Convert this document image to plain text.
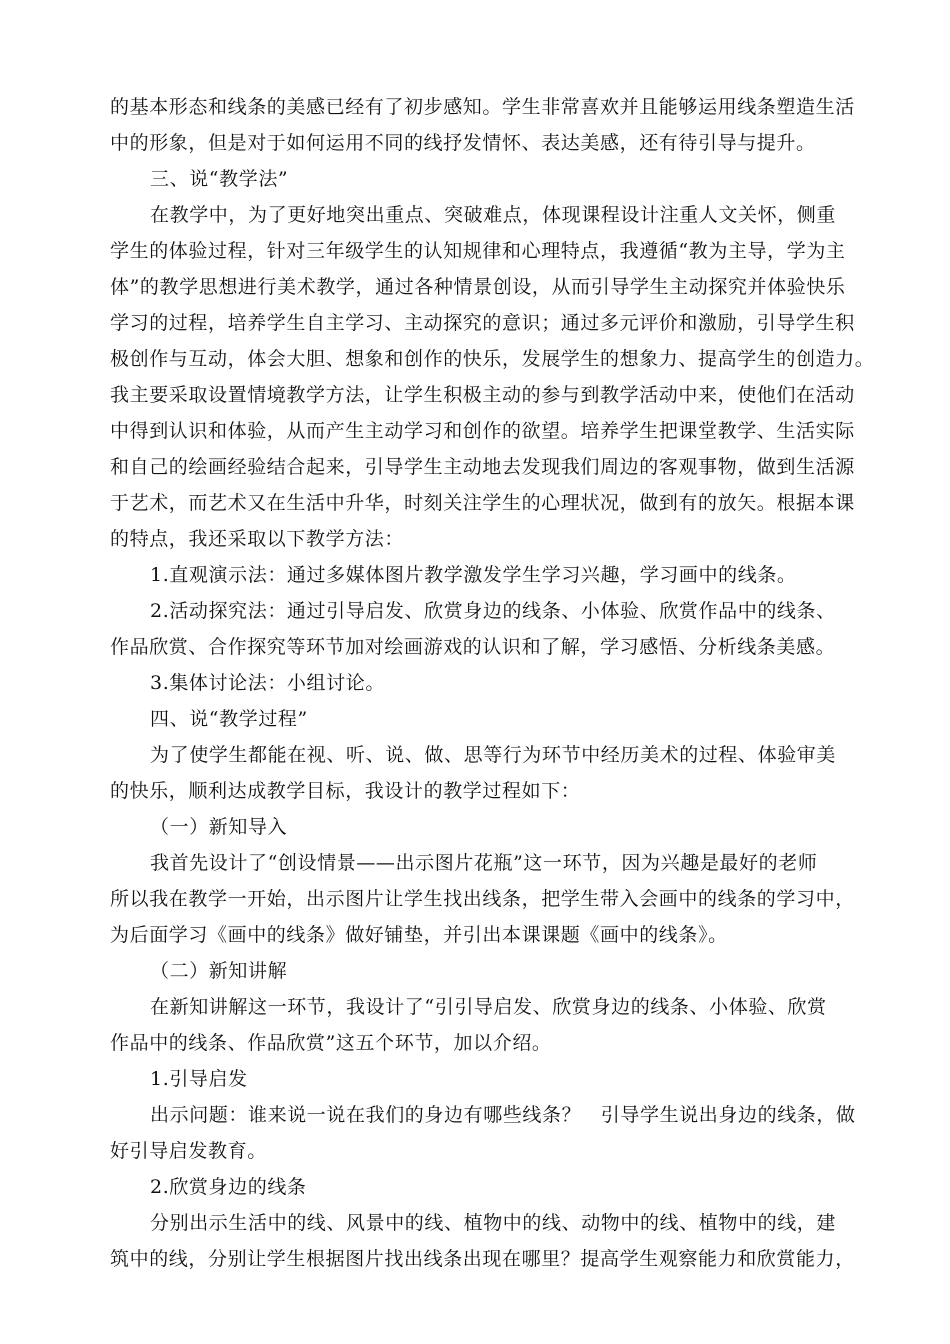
的基本形态和线条的美感已经有了初步感知。学生非常喜欢并且能够运用线条塑造生活
中的形象，但是对于如何运用不同的线抒发情怀、表达美感，还有待引导与提升。
三、说“教学法”
在教学中，为了更好地突出重点、突破难点，体现课程设计注重人文关怀，侧重
学生的体验过程，针对三年级学生的认知规律和心理特点，我遵循“教为主导，学为主
体”的教学思想进行美术教学，通过各种情景创设，从而引导学生主动探究并体验快乐
学习的过程，培养学生自主学习、主动探究的意识；通过多元评价和激励，引导学生积
极创作与互动，体会大胆、想象和创作的快乐，发展学生的想象力、提高学生的创造力。
我主要采取设置情境教学方法，让学生积极主动的参与到教学活动中来，使他们在活动
中得到认识和体验，从而产生主动学习和创作的欲望。培养学生把课堂教学、生活实际
和自己的绘画经验结合起来，引导学生主动地去发现我们周边的客观事物，做到生活源
于艺术，而艺术又在生活中升华，时刻关注学生的心理状况，做到有的放矢。根据本课
的特点，我还采取以下教学方法：
1.直观演示法：通过多媒体图片教学激发学生学习兴趣，学习画中的线条。
2.活动探究法：通过引导启发、欣赏身边的线条、小体验、欣赏作品中的线条、
作品欣赏、合作探究等环节加对绘画游戏的认识和了解，学习感悟、分析线条美感。
3.集体讨论法：小组讨论。
四、说“教学过程”
为了使学生都能在视、听、说、做、思等行为环节中经历美术的过程、体验审美
的快乐，顺利达成教学目标，我设计的教学过程如下：
（一）新知导入
我首先设计了“创设情景——出示图片花瓶”这一环节，因为兴趣是最好的老师
所以我在教学一开始，出示图片让学生找出线条，把学生带入会画中的线条的学习中，
为后面学习《画中的线条》做好铺垫，并引出本课课题《画中的线条》。
（二）新知讲解
在新知讲解这一环节，我设计了“引引导启发、欣赏身边的线条、小体验、欣赏
作品中的线条、作品欣赏”这五个环节，加以介绍。
1.引导启发
出示问题：谁来说一说在我们的身边有哪些线条？　引导学生说出身边的线条，做
好引导启发教育。
2.欣赏身边的线条
分别出示生活中的线、风景中的线、植物中的线、动物中的线、植物中的线，建
筑中的线，分别让学生根据图片找出线条出现在哪里？提高学生观察能力和欣赏能力，
